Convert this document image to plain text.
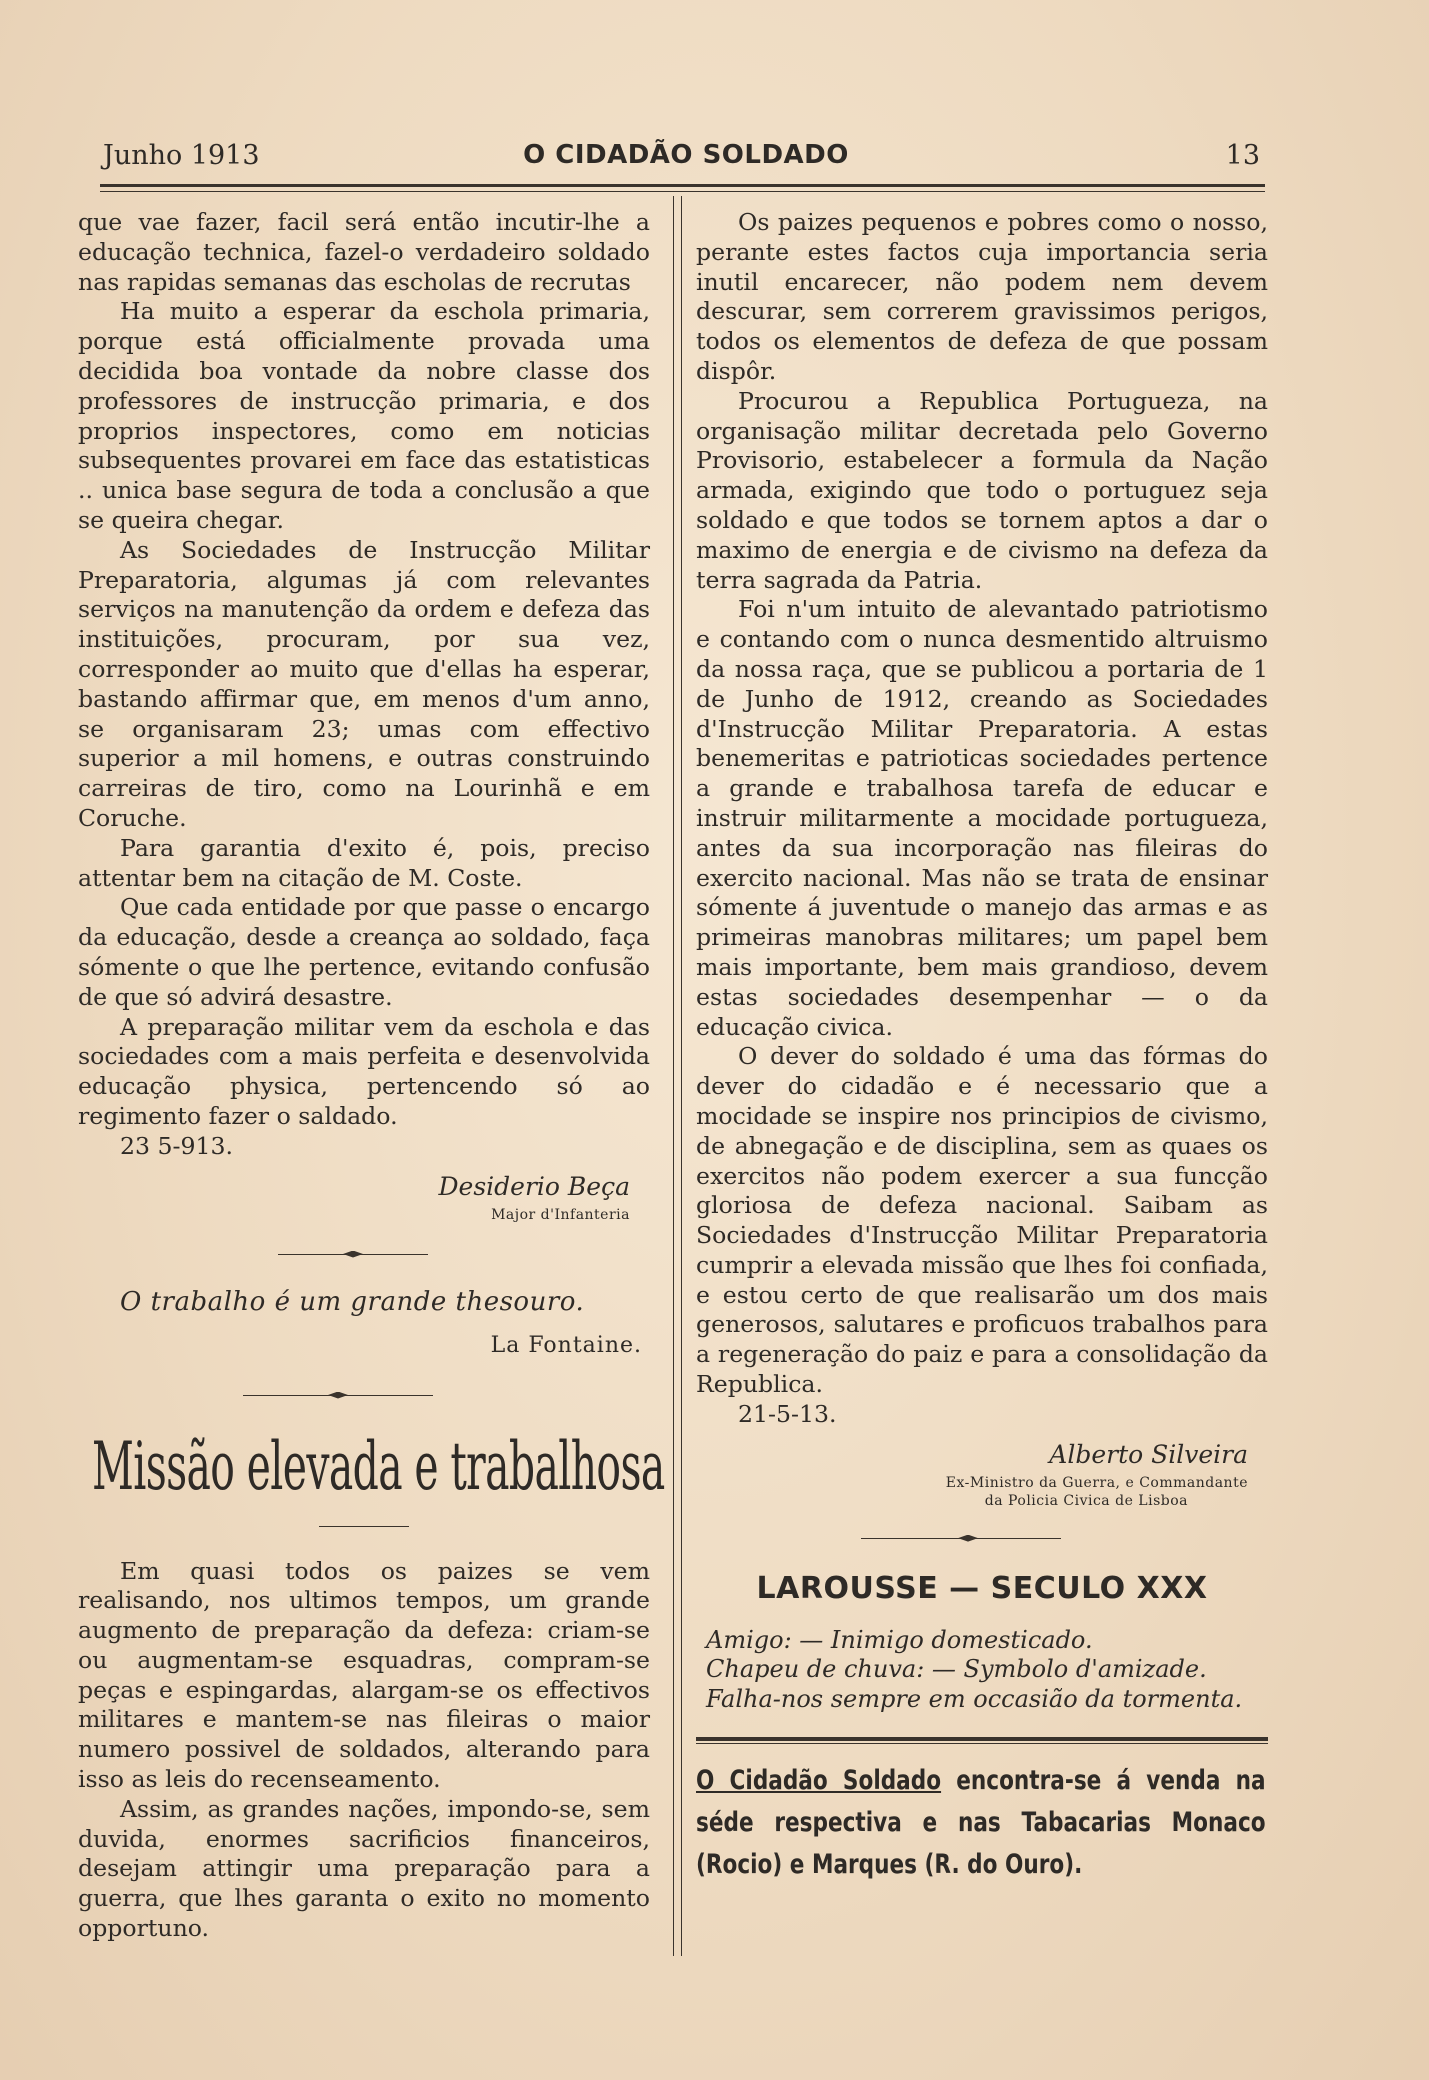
Junho 1913	O CIDADÃO SOLDADO	13

que vae fazer, facil será então incutir-lhe a educação technica, fazel-o verdadeiro soldado nas rapidas semanas das escholas de recrutas

Ha muito a esperar da eschola primaria, porque está officialmente provada uma decidida boa vontade da nobre classe dos professores de instrucção primaria, e dos proprios inspectores, como em noticias subsequentes provarei em face das estatisticas .. unica base segura de toda a conclusão a que se queira chegar.

As Sociedades de Instrucção Militar Preparatoria, algumas já com relevantes serviços na manutenção da ordem e defeza das instituições, procuram, por sua vez, corresponder ao muito que d'ellas ha esperar, bastando affirmar que, em menos d'um anno, se organisaram 23; umas com effectivo superior a mil homens, e outras construindo carreiras de tiro, como na Lourinhã e em Coruche.

Para garantia d'exito é, pois, preciso attentar bem na citação de M. Coste.

Que cada entidade por que passe o encargo da educação, desde a creança ao soldado, faça sómente o que lhe pertence, evitando confusão de que só advirá desastre.

A preparação militar vem da eschola e das sociedades com a mais perfeita e desenvolvida educação physica, pertencendo só ao regimento fazer o saldado.

23 5-913.

Desiderio Beça
Major d'Infanteria
O trabalho é um grande thesouro.
La Fontaine.
Missão elevada e trabalhosa

Em quasi todos os paizes se vem realisando, nos ultimos tempos, um grande augmento de preparação da defeza: criam-se ou augmentam-se esquadras, compram-se peças e espingardas, alargam-se os effectivos militares e mantem-se nas fileiras o maior numero possivel de soldados, alterando para isso as leis do recenseamento.

Assim, as grandes nações, impondo-se, sem duvida, enormes sacrificios financeiros, desejam attingir uma preparação para a guerra, que lhes garanta o exito no momento opportuno.

Os paizes pequenos e pobres como o nosso, perante estes factos cuja importancia seria inutil encarecer, não podem nem devem descurar, sem correrem gravissimos perigos, todos os elementos de defeza de que possam dispôr.

Procurou a Republica Portugueza, na organisação militar decretada pelo Governo Provisorio, estabelecer a formula da Nação armada, exigindo que todo o portuguez seja soldado e que todos se tornem aptos a dar o maximo de energia e de civismo na defeza da terra sagrada da Patria.

Foi n'um intuito de alevantado patriotismo e contando com o nunca desmentido altruismo da nossa raça, que se publicou a portaria de 1 de Junho de 1912, creando as Sociedades d'Instrucção Militar Preparatoria. A estas benemeritas e patrioticas sociedades pertence a grande e trabalhosa tarefa de educar e instruir militarmente a mocidade portugueza, antes da sua incorporação nas fileiras do exercito nacional. Mas não se trata de ensinar sómente á juventude o manejo das armas e as primeiras manobras militares; um papel bem mais importante, bem mais grandioso, devem estas sociedades desempenhar — o da educação civica.

O dever do soldado é uma das fórmas do dever do cidadão e é necessario que a mocidade se inspire nos principios de civismo, de abnegação e de disciplina, sem as quaes os exercitos não podem exercer a sua funcção gloriosa de defeza nacional. Saibam as Sociedades d'Instrucção Militar Preparatoria cumprir a elevada missão que lhes foi confiada, e estou certo de que realisarão um dos mais generosos, salutares e proficuos trabalhos para a regeneração do paiz e para a consolidação da Republica.

21-5-13.

Alberto Silveira
Ex-Ministro da Guerra, e Commandante
da Policia Civica de Lisboa
LAROUSSE — SECULO XXX

Amigo: — Inimigo domesticado.

Chapeu de chuva: — Symbolo d'amizade. Falha-nos sempre em occasião da tormenta.

O Cidadão Soldado encontra-se á venda na séde respectiva e nas Tabacarias Monaco (Rocio) e Marques (R. do Ouro).
